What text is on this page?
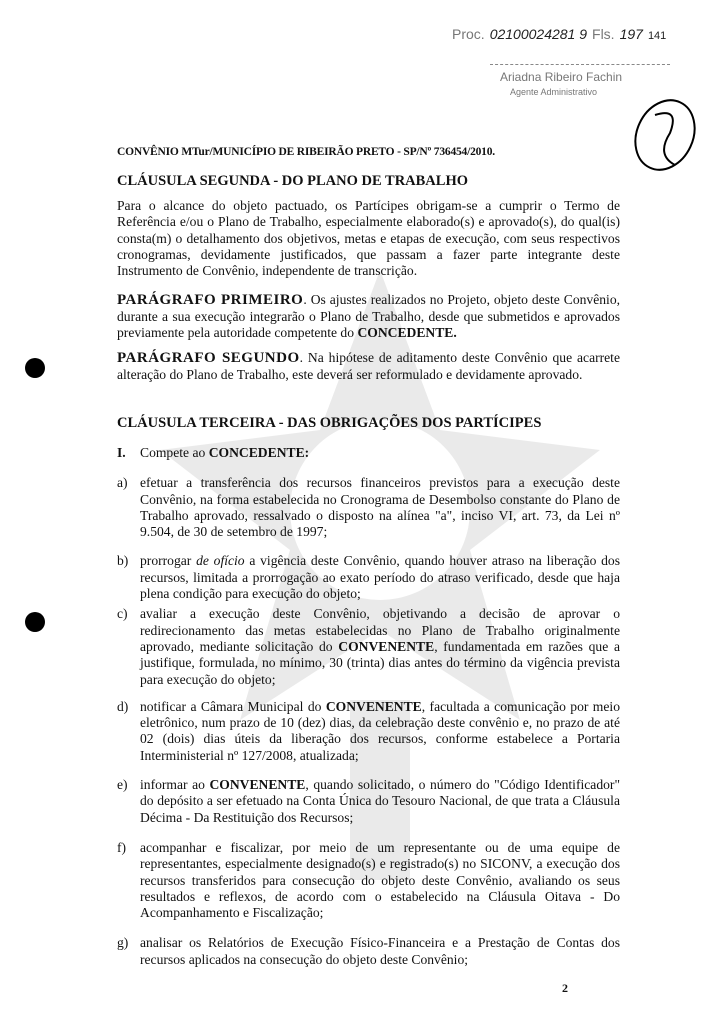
Proc. 02100024281 9 Fls. 197 141
Ariadna Ribeiro Fachin
Agente Administrativo
CONVÊNIO MTur/MUNICÍPIO DE RIBEIRÃO PRETO - SP/Nº 736454/2010.
CLÁUSULA SEGUNDA - DO PLANO DE TRABALHO
Para o alcance do objeto pactuado, os Partícipes obrigam-se a cumprir o Termo de Referência e/ou o Plano de Trabalho, especialmente elaborado(s) e aprovado(s), do qual(is) consta(m) o detalhamento dos objetivos, metas e etapas de execução, com seus respectivos cronogramas, devidamente justificados, que passam a fazer parte integrante deste Instrumento de Convênio, independente de transcrição.
PARÁGRAFO PRIMEIRO. Os ajustes realizados no Projeto, objeto deste Convênio, durante a sua execução integrarão o Plano de Trabalho, desde que submetidos e aprovados previamente pela autoridade competente do CONCEDENTE.
PARÁGRAFO SEGUNDO. Na hipótese de aditamento deste Convênio que acarrete alteração do Plano de Trabalho, este deverá ser reformulado e devidamente aprovado.
CLÁUSULA TERCEIRA - DAS OBRIGAÇÕES DOS PARTÍCIPES
I.	Compete ao CONCEDENTE:
a) efetuar a transferência dos recursos financeiros previstos para a execução deste Convênio, na forma estabelecida no Cronograma de Desembolso constante do Plano de Trabalho aprovado, ressalvado o disposto na alínea "a", inciso VI, art. 73, da Lei nº 9.504, de 30 de setembro de 1997;
b) prorrogar de ofício a vigência deste Convênio, quando houver atraso na liberação dos recursos, limitada a prorrogação ao exato período do atraso verificado, desde que haja plena condição para execução do objeto;
c) avaliar a execução deste Convênio, objetivando a decisão de aprovar o redirecionamento das metas estabelecidas no Plano de Trabalho originalmente aprovado, mediante solicitação do CONVENENTE, fundamentada em razões que a justifique, formulada, no mínimo, 30 (trinta) dias antes do término da vigência prevista para execução do objeto;
d) notificar a Câmara Municipal do CONVENENTE, facultada a comunicação por meio eletrônico, num prazo de 10 (dez) dias, da celebração deste convênio e, no prazo de até 02 (dois) dias úteis da liberação dos recursos, conforme estabelece a Portaria Interministerial nº 127/2008, atualizada;
e) informar ao CONVENENTE, quando solicitado, o número do "Código Identificador" do depósito a ser efetuado na Conta Única do Tesouro Nacional, de que trata a Cláusula Décima - Da Restituição dos Recursos;
f)	acompanhar e fiscalizar, por meio de um representante ou de uma equipe de representantes, especialmente designado(s) e registrado(s) no SICONV, a execução dos recursos transferidos para consecução do objeto deste Convênio, avaliando os seus resultados e reflexos, de acordo com o estabelecido na Cláusula Oitava - Do Acompanhamento e Fiscalização;
g) analisar os Relatórios de Execução Físico-Financeira e a Prestação de Contas dos recursos aplicados na consecução do objeto deste Convênio;
2
